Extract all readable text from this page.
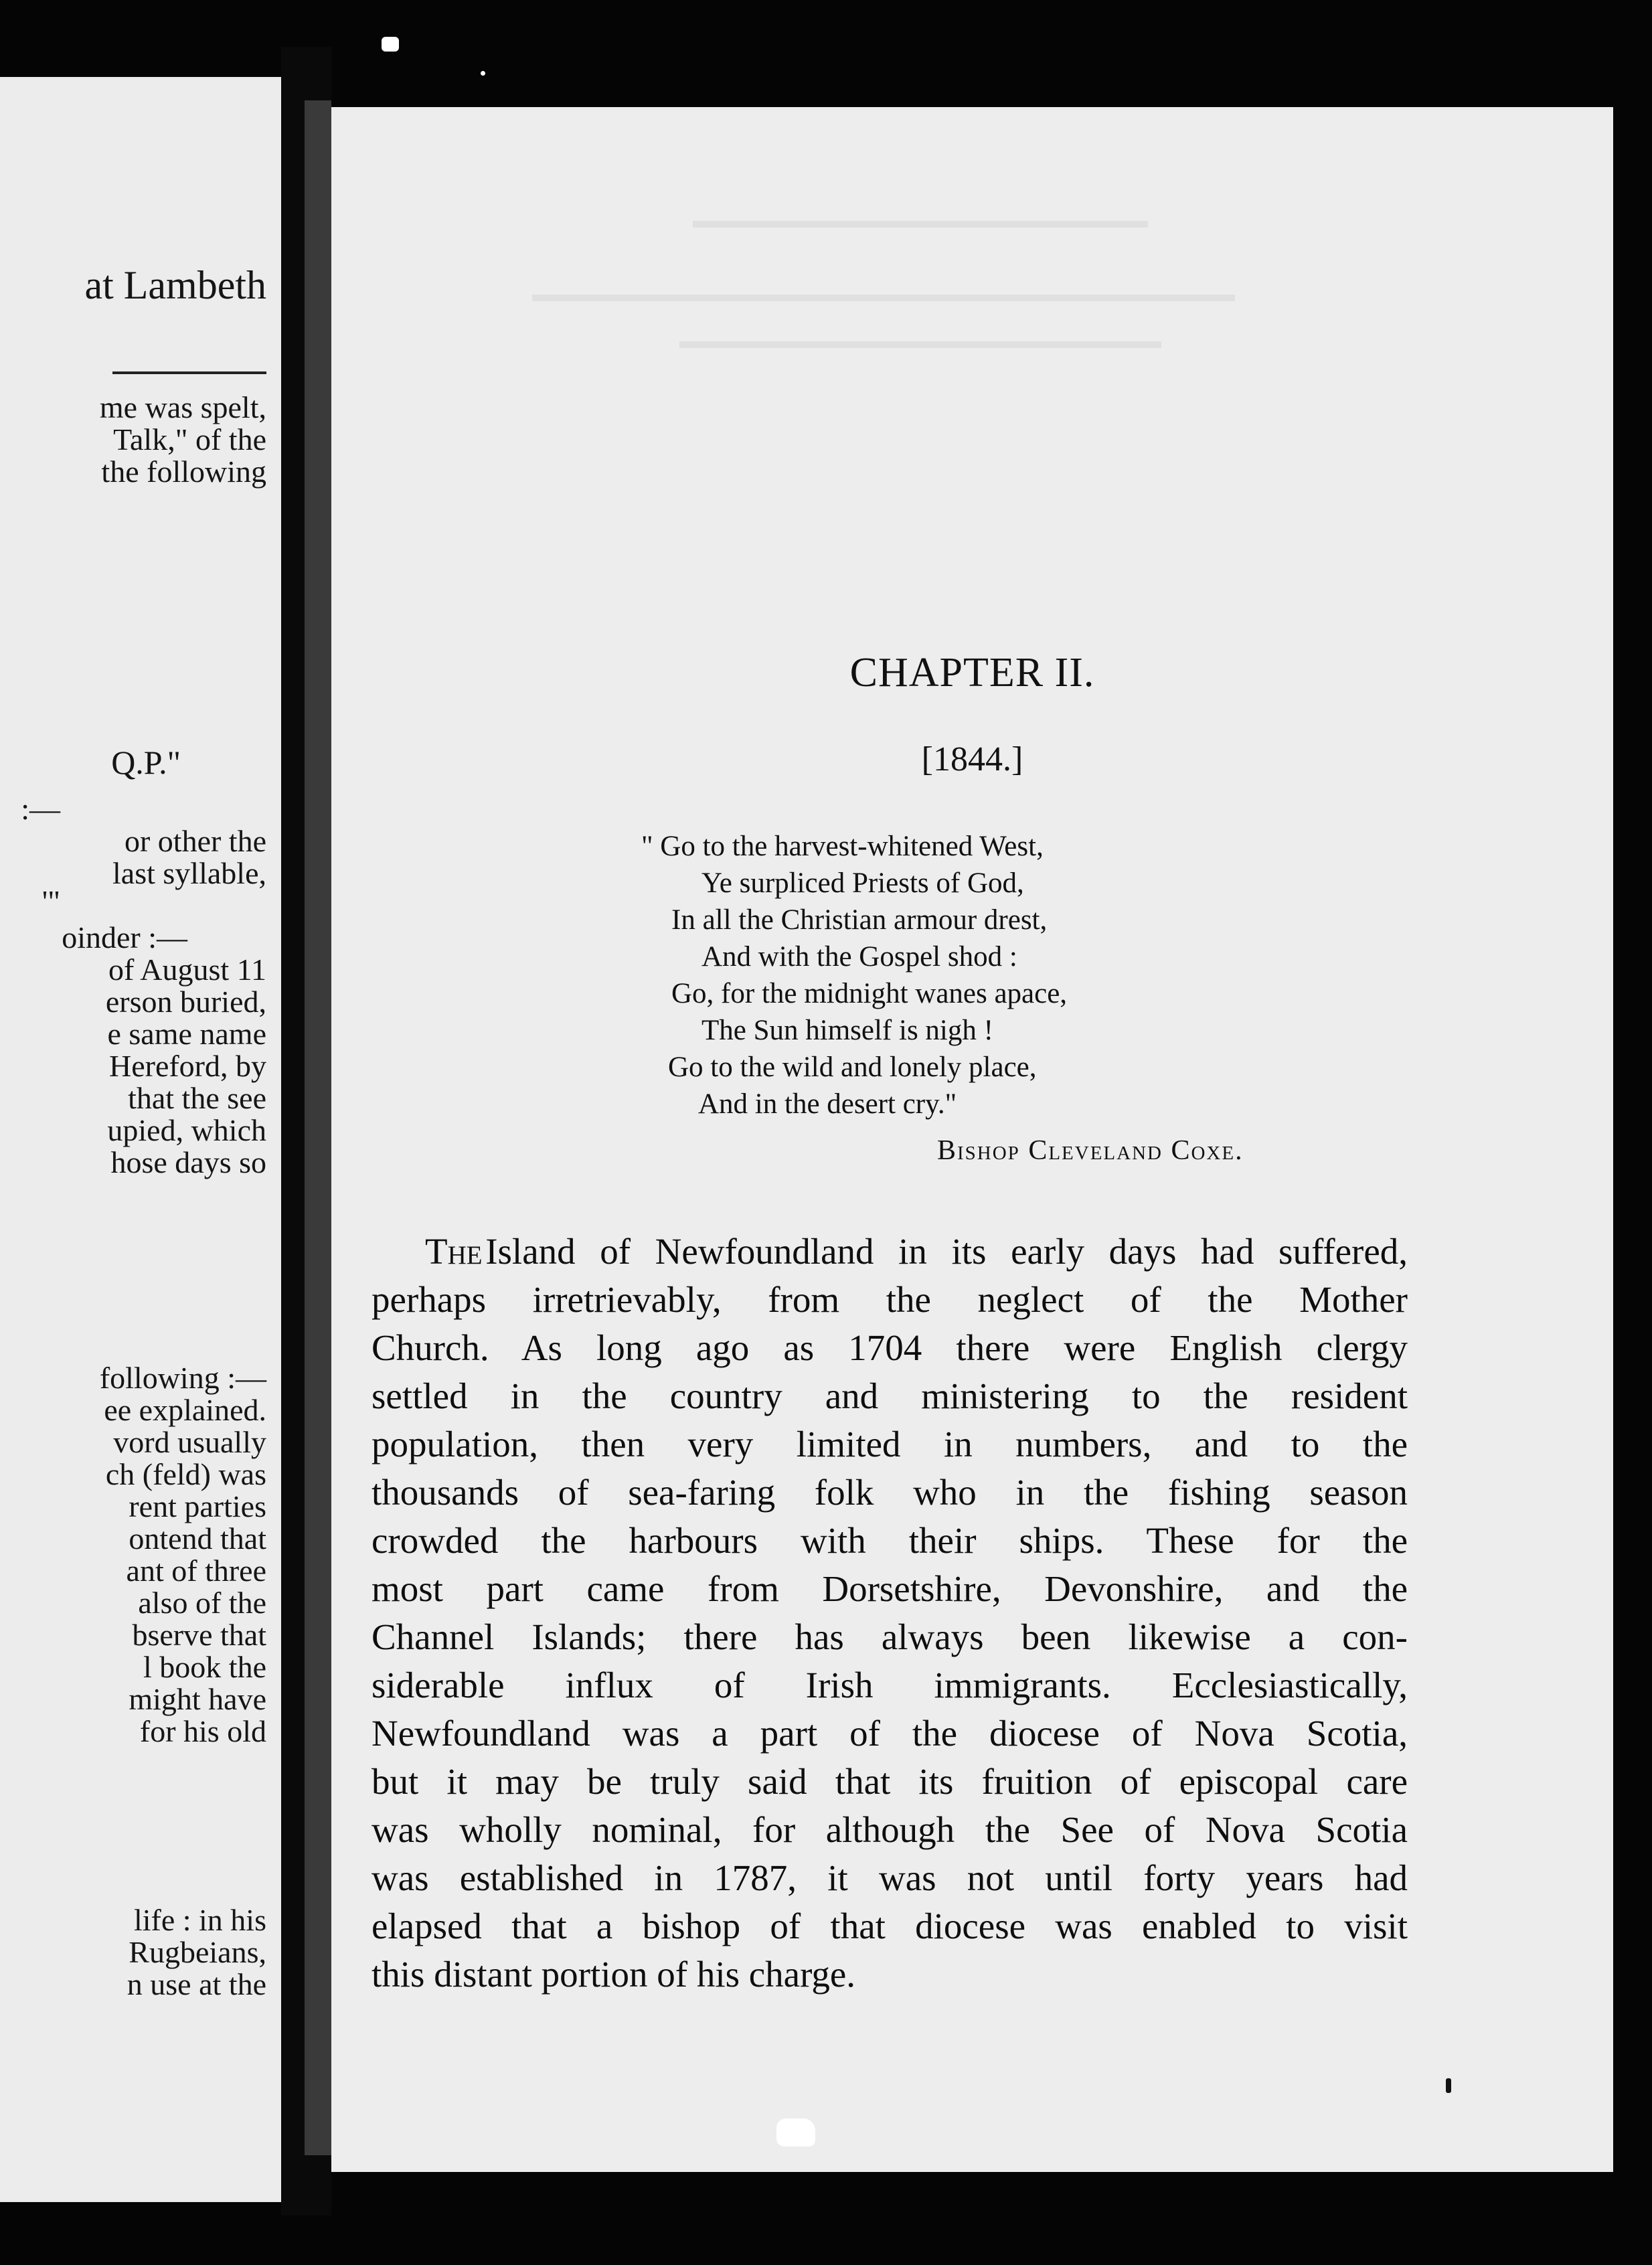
at Lambeth
me was spelt,
Talk," of the
the following
Q.P."
:—
or other the
last syllable,
'"
oinder :—
of August 11
erson buried,
e same name
Hereford, by
that the see
upied, which
hose days so
following :—
ee explained.
vord usually
ch (feld) was
rent parties
ontend that
ant of three
also of the
bserve that
l book the
might have
for his old
life : in his
Rugbeians,
n use at the
CHAPTER II.
[1844.]
" Go to the harvest-whitened West,
Ye surpliced Priests of God,
In all the Christian armour drest,
And with the Gospel shod :
Go, for the midnight wanes apace,
The Sun himself is nigh !
Go to the wild and lonely place,
And in the desert cry."
Bishop Cleveland Coxe.
The Island of Newfoundland in its early days had suffered,
perhaps irretrievably, from the neglect of the Mother
Church. As long ago as 1704 there were English clergy
settled in the country and ministering to the resident
population, then very limited in numbers, and to the
thousands of sea-faring folk who in the fishing season
crowded the harbours with their ships. These for the
most part came from Dorsetshire, Devonshire, and the
Channel Islands; there has always been likewise a con-
siderable influx of Irish immigrants. Ecclesiastically,
Newfoundland was a part of the diocese of Nova Scotia,
but it may be truly said that its fruition of episcopal care
was wholly nominal, for although the See of Nova Scotia
was established in 1787, it was not until forty years had
elapsed that a bishop of that diocese was enabled to visit
this distant portion of his charge.
